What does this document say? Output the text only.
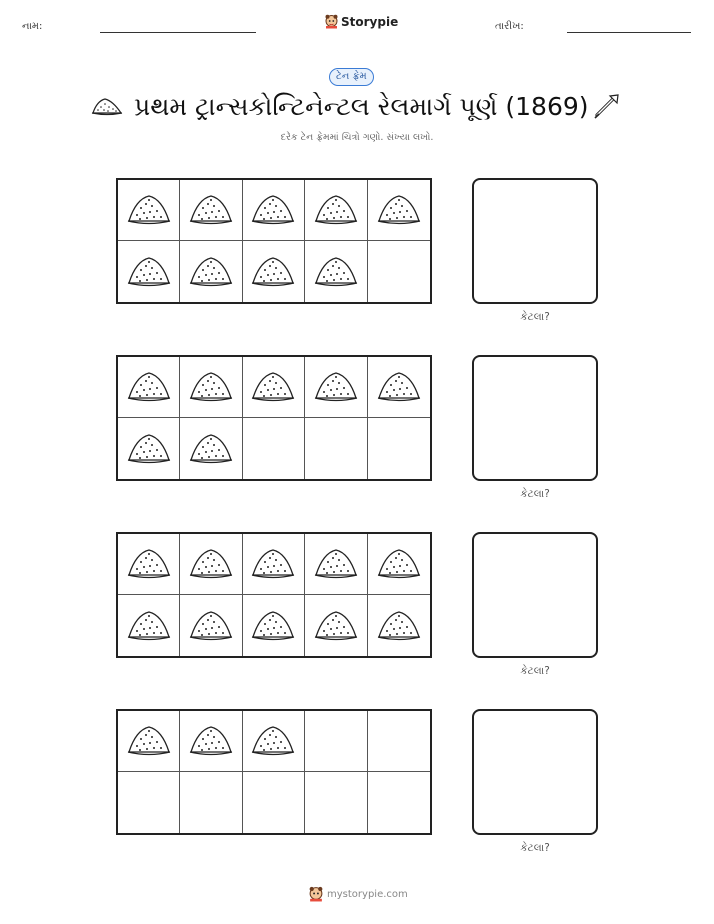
નામ:	Storypie	તારીખ:
ટેન ફ્રેમ
પ્રથમ ટ્રાન્સકોન્ટિનેન્ટલ રેલમાર્ગ પૂર્ણ (1869)
દરેક ટેન ફ્રેમમાં ચિત્રો ગણો. સંખ્યા લખો.
કેટલા?
કેટલા?
કેટલા?
કેટલા?
mystorypie.com
